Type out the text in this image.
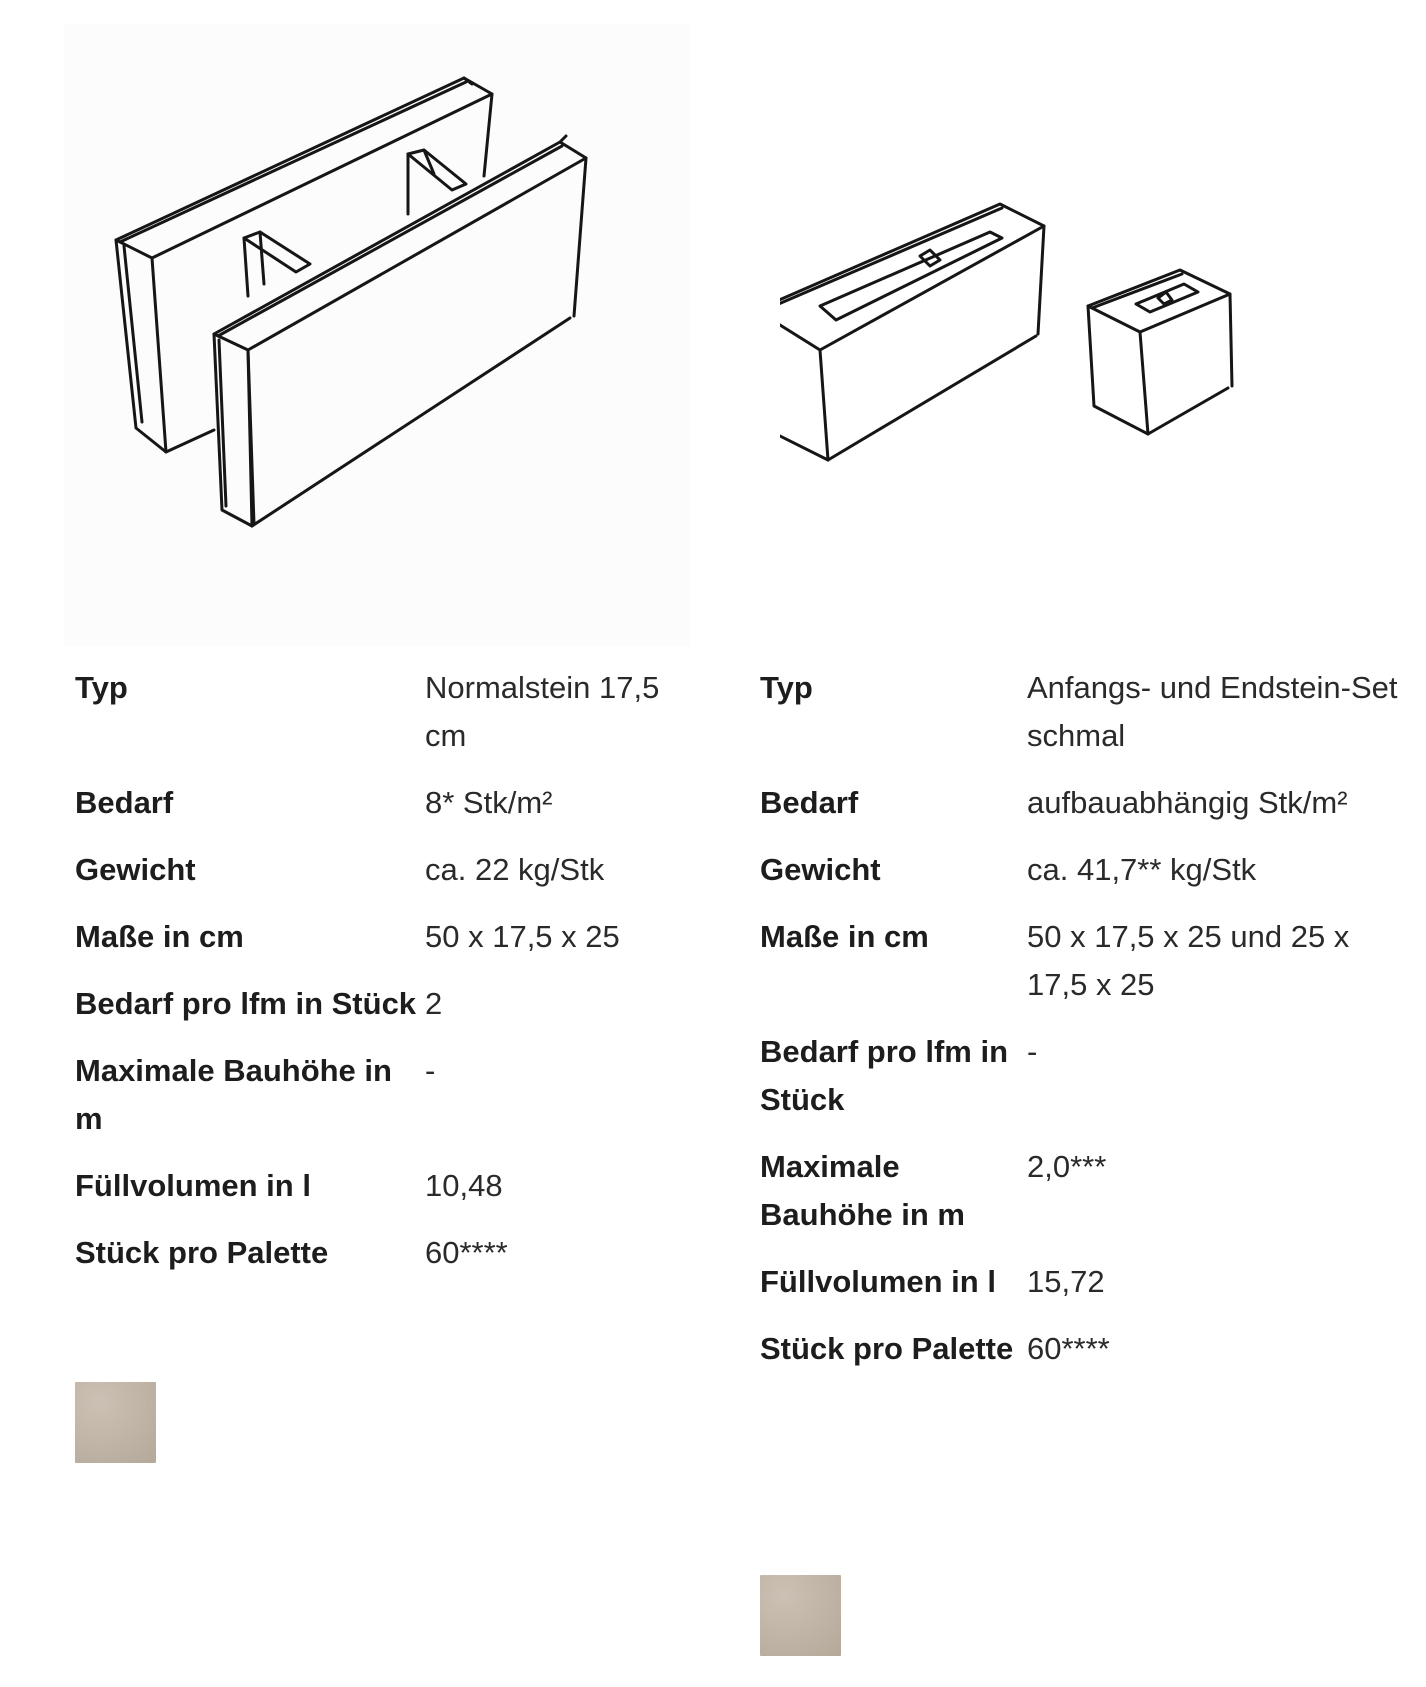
Typ	Normalstein 17,5 cm
Bedarf	8* Stk/m²
Gewicht	ca. 22 kg/Stk
Maße in cm	50 x 17,5 x 25
Bedarf pro lfm in Stück	2
Maximale Bauhöhe in m	-
Füllvolumen in l	10,48
Stück pro Palette	60****
Typ	Anfangs- und Endstein-Set schmal
Bedarf	aufbauabhängig Stk/m²
Gewicht	ca. 41,7** kg/Stk
Maße in cm	50 x 17,5 x 25 und 25 x 17,5 x 25
Bedarf pro lfm in Stück	-
Maximale Bauhöhe in m	2,0***
Füllvolumen in l	15,72
Stück pro Palette	60****
